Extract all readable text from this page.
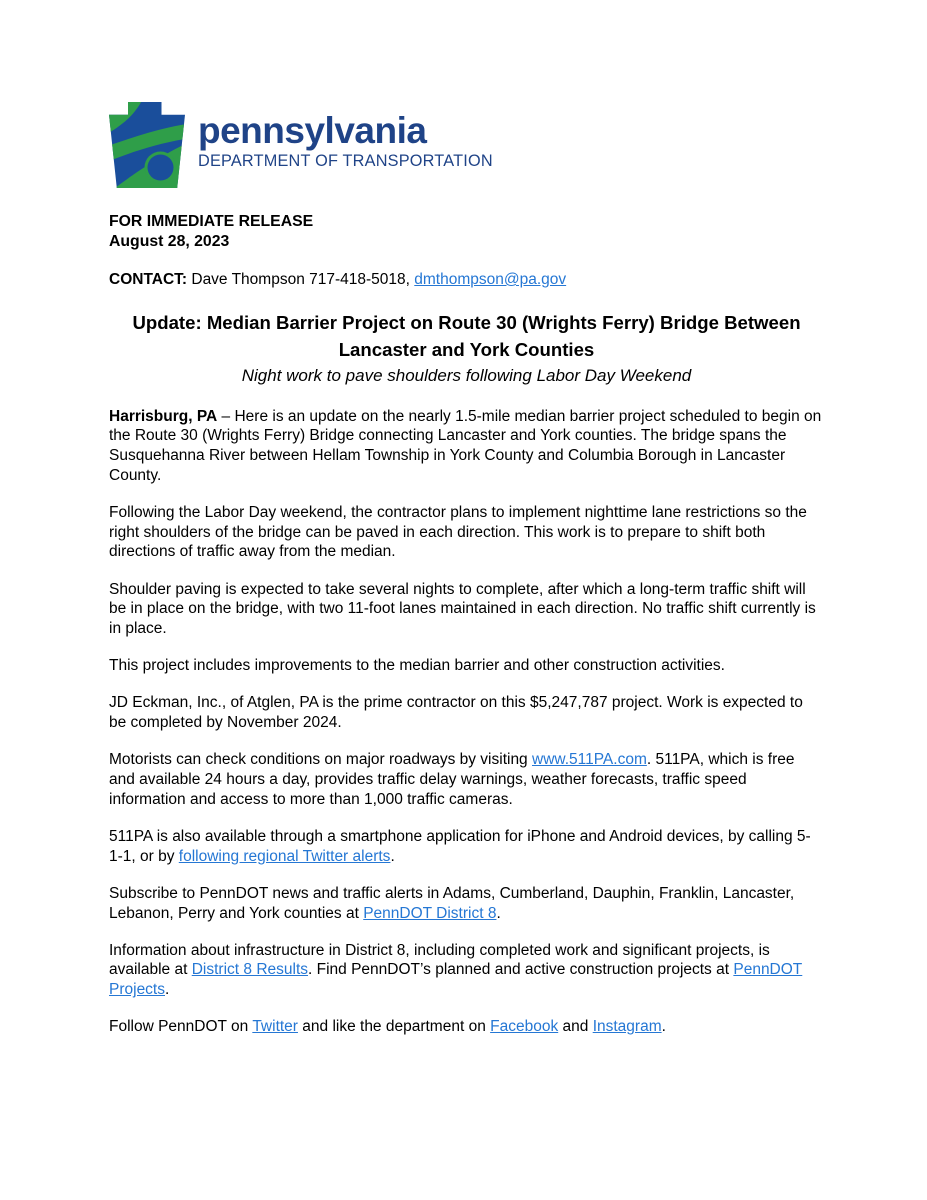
pennsylvania
DEPARTMENT OF TRANSPORTATION
FOR IMMEDIATE RELEASE
August 28, 2023

CONTACT: Dave Thompson 717-418-5018, dmthompson@pa.gov

Update: Median Barrier Project on Route 30 (Wrights Ferry) Bridge Between Lancaster and York Counties
Night work to pave shoulders following Labor Day Weekend

Harrisburg, PA – Here is an update on the nearly 1.5-mile median barrier project scheduled to begin on the Route 30 (Wrights Ferry) Bridge connecting Lancaster and York counties. The bridge spans the Susquehanna River between Hellam Township in York County and Columbia Borough in Lancaster County.

Following the Labor Day weekend, the contractor plans to implement nighttime lane restrictions so the right shoulders of the bridge can be paved in each direction. This work is to prepare to shift both directions of traffic away from the median.

Shoulder paving is expected to take several nights to complete, after which a long-term traffic shift will be in place on the bridge, with two 11-foot lanes maintained in each direction. No traffic shift currently is in place.

This project includes improvements to the median barrier and other construction activities.

JD Eckman, Inc., of Atglen, PA is the prime contractor on this $5,247,787 project. Work is expected to be completed by November 2024.

Motorists can check conditions on major roadways by visiting www.511PA.com. 511PA, which is free and available 24 hours a day, provides traffic delay warnings, weather forecasts, traffic speed information and access to more than 1,000 traffic cameras.

511PA is also available through a smartphone application for iPhone and Android devices, by calling 5-1-1, or by following regional Twitter alerts.

Subscribe to PennDOT news and traffic alerts in Adams, Cumberland, Dauphin, Franklin, Lancaster, Lebanon, Perry and York counties at PennDOT District 8.

Information about infrastructure in District 8, including completed work and significant projects, is available at District 8 Results. Find PennDOT’s planned and active construction projects at PennDOT Projects.

Follow PennDOT on Twitter and like the department on Facebook and Instagram.
